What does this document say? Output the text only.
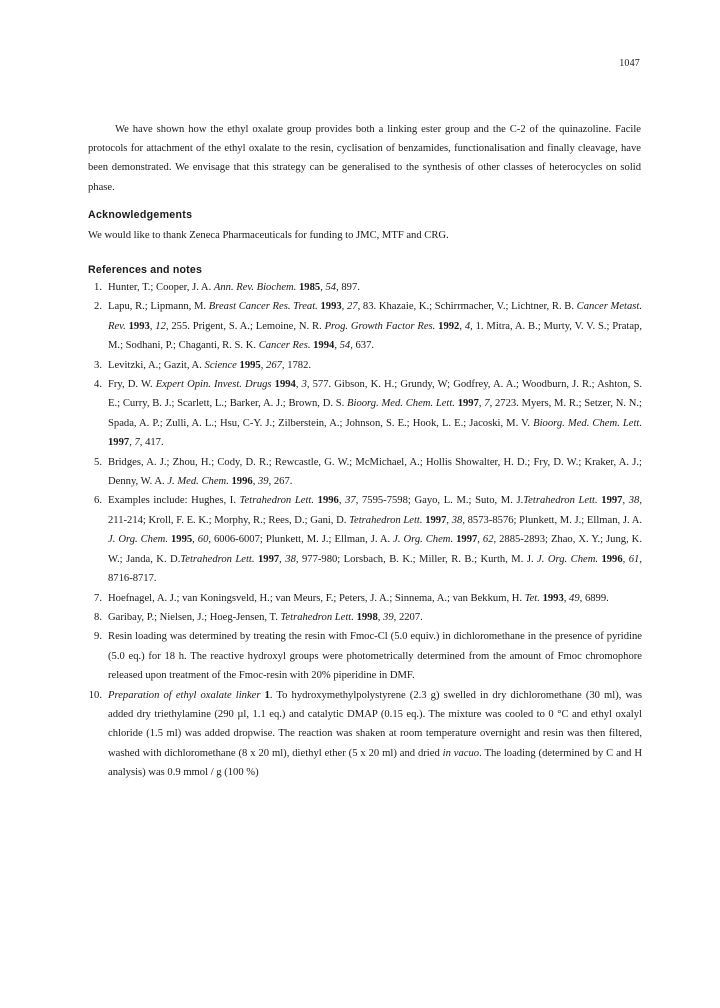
1047

We have shown how the ethyl oxalate group provides both a linking ester group and the C-2 of the quinazoline. Facile protocols for attachment of the ethyl oxalate to the resin, cyclisation of benzamides, functionalisation and finally cleavage, have been demonstrated. We envisage that this strategy can be generalised to the synthesis of other classes of heterocycles on solid phase.

Acknowledgements
We would like to thank Zeneca Pharmaceuticals for funding to JMC, MTF and CRG.
References and notes
1. Hunter, T.; Cooper, J. A. Ann. Rev. Biochem. 1985, 54, 897.
2. Lapu, R.; Lipmann, M. Breast Cancer Res. Treat. 1993, 27, 83. Khazaie, K.; Schirrmacher, V.; Lichtner, R. B. Cancer Metast. Rev. 1993, 12, 255. Prigent, S. A.; Lemoine, N. R. Prog. Growth Factor Res. 1992, 4, 1. Mitra, A. B.; Murty, V. V. S.; Pratap, M.; Sodhani, P.; Chaganti, R. S. K. Cancer Res. 1994, 54, 637.
3. Levitzki, A.; Gazit, A. Science 1995, 267, 1782.
4. Fry, D. W. Expert Opin. Invest. Drugs 1994, 3, 577. Gibson, K. H.; Grundy, W; Godfrey, A. A.; Woodburn, J. R.; Ashton, S. E.; Curry, B. J.; Scarlett, L.; Barker, A. J.; Brown, D. S. Bioorg. Med. Chem. Lett. 1997, 7, 2723. Myers, M. R.; Setzer, N. N.; Spada, A. P.; Zulli, A. L.; Hsu, C-Y. J.; Zilberstein, A.; Johnson, S. E.; Hook, L. E.; Jacoski, M. V. Bioorg. Med. Chem. Lett. 1997, 7, 417.
5. Bridges, A. J.; Zhou, H.; Cody, D. R.; Rewcastle, G. W.; McMichael, A.; Hollis Showalter, H. D.; Fry, D. W.; Kraker, A. J.; Denny, W. A. J. Med. Chem. 1996, 39, 267.
6. Examples include: Hughes, I. Tetrahedron Lett. 1996, 37, 7595-7598; Gayo, L. M.; Suto, M. J.Tetrahedron Lett. 1997, 38, 211-214; Kroll, F. E. K.; Morphy, R.; Rees, D.; Gani, D. Tetrahedron Lett. 1997, 38, 8573-8576; Plunkett, M. J.; Ellman, J. A. J. Org. Chem. 1995, 60, 6006-6007; Plunkett, M. J.; Ellman, J. A. J. Org. Chem. 1997, 62, 2885-2893; Zhao, X. Y.; Jung, K. W.; Janda, K. D.Tetrahedron Lett. 1997, 38, 977-980; Lorsbach, B. K.; Miller, R. B.; Kurth, M. J. J. Org. Chem. 1996, 61, 8716-8717.
7. Hoefnagel, A. J.; van Koningsveld, H.; van Meurs, F.; Peters, J. A.; Sinnema, A.; van Bekkum, H. Tet. 1993, 49, 6899.
8. Garibay, P.; Nielsen, J.; Hoeg-Jensen, T. Tetrahedron Lett. 1998, 39, 2207.
9. Resin loading was determined by treating the resin with Fmoc-Cl (5.0 equiv.) in dichloromethane in the presence of pyridine (5.0 eq.) for 18 h. The reactive hydroxyl groups were photometrically determined from the amount of Fmoc chromophore released upon treatment of the Fmoc-resin with 20% piperidine in DMF.
10. Preparation of ethyl oxalate linker 1. To hydroxymethylpolystyrene (2.3 g) swelled in dry dichloromethane (30 ml), was added dry triethylamine (290 µl, 1.1 eq.) and catalytic DMAP (0.15 eq.). The mixture was cooled to 0 °C and ethyl oxalyl chloride (1.5 ml) was added dropwise. The reaction was shaken at room temperature overnight and resin was then filtered, washed with dichloromethane (8 x 20 ml), diethyl ether (5 x 20 ml) and dried in vacuo. The loading (determined by C and H analysis) was 0.9 mmol / g (100 %)
